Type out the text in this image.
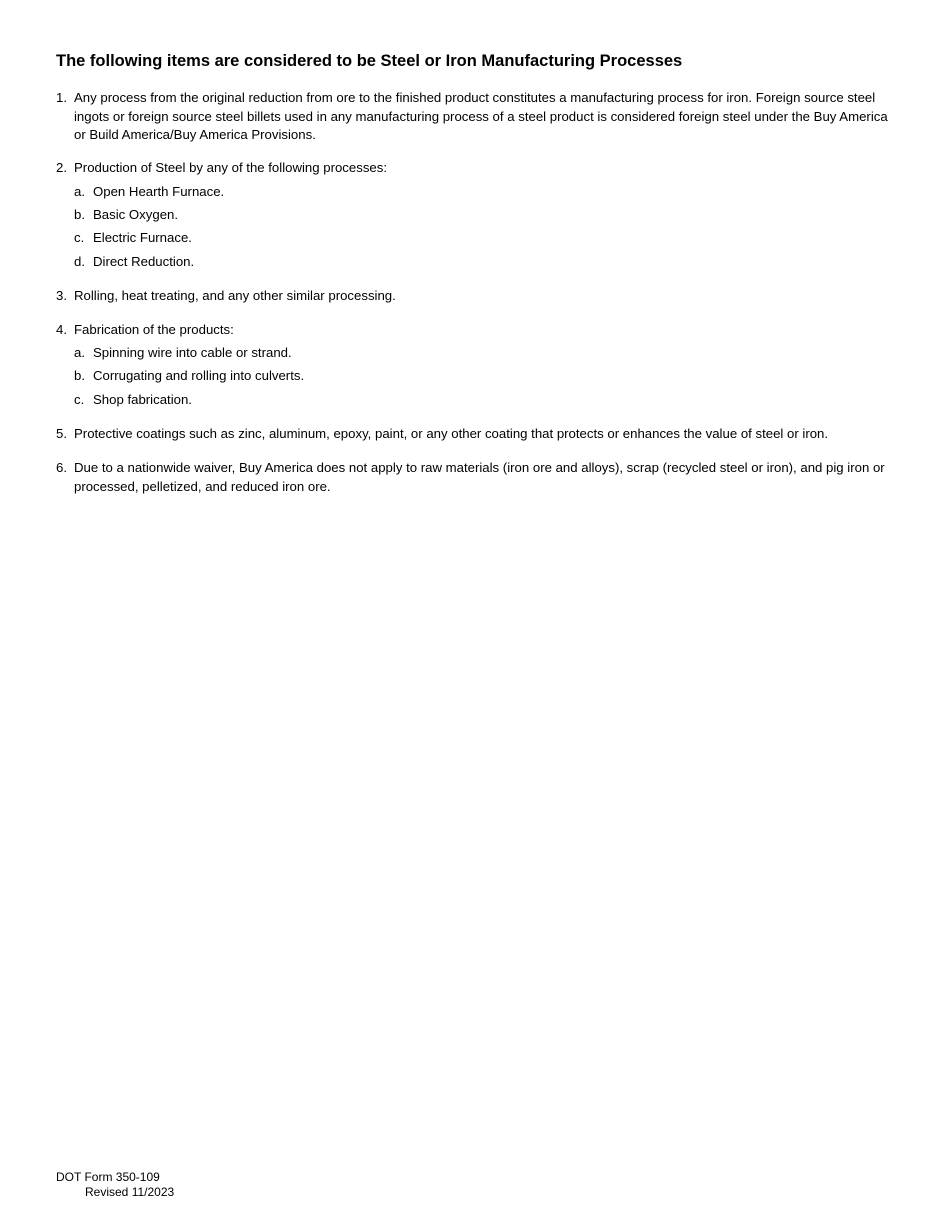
The following items are considered to be Steel or Iron Manufacturing Processes
1. Any process from the original reduction from ore to the finished product constitutes a manufacturing process for iron. Foreign source steel ingots or foreign source steel billets used in any manufacturing process of a steel product is considered foreign steel under the Buy America or Build America/Buy America Provisions.
2. Production of Steel by any of the following processes:
a. Open Hearth Furnace.
b. Basic Oxygen.
c. Electric Furnace.
d. Direct Reduction.
3. Rolling, heat treating, and any other similar processing.
4. Fabrication of the products:
a. Spinning wire into cable or strand.
b. Corrugating and rolling into culverts.
c. Shop fabrication.
5. Protective coatings such as zinc, aluminum, epoxy, paint, or any other coating that protects or enhances the value of steel or iron.
6. Due to a nationwide waiver, Buy America does not apply to raw materials (iron ore and alloys), scrap (recycled steel or iron), and pig iron or processed, pelletized, and reduced iron ore.
DOT Form 350-109
Revised 11/2023
